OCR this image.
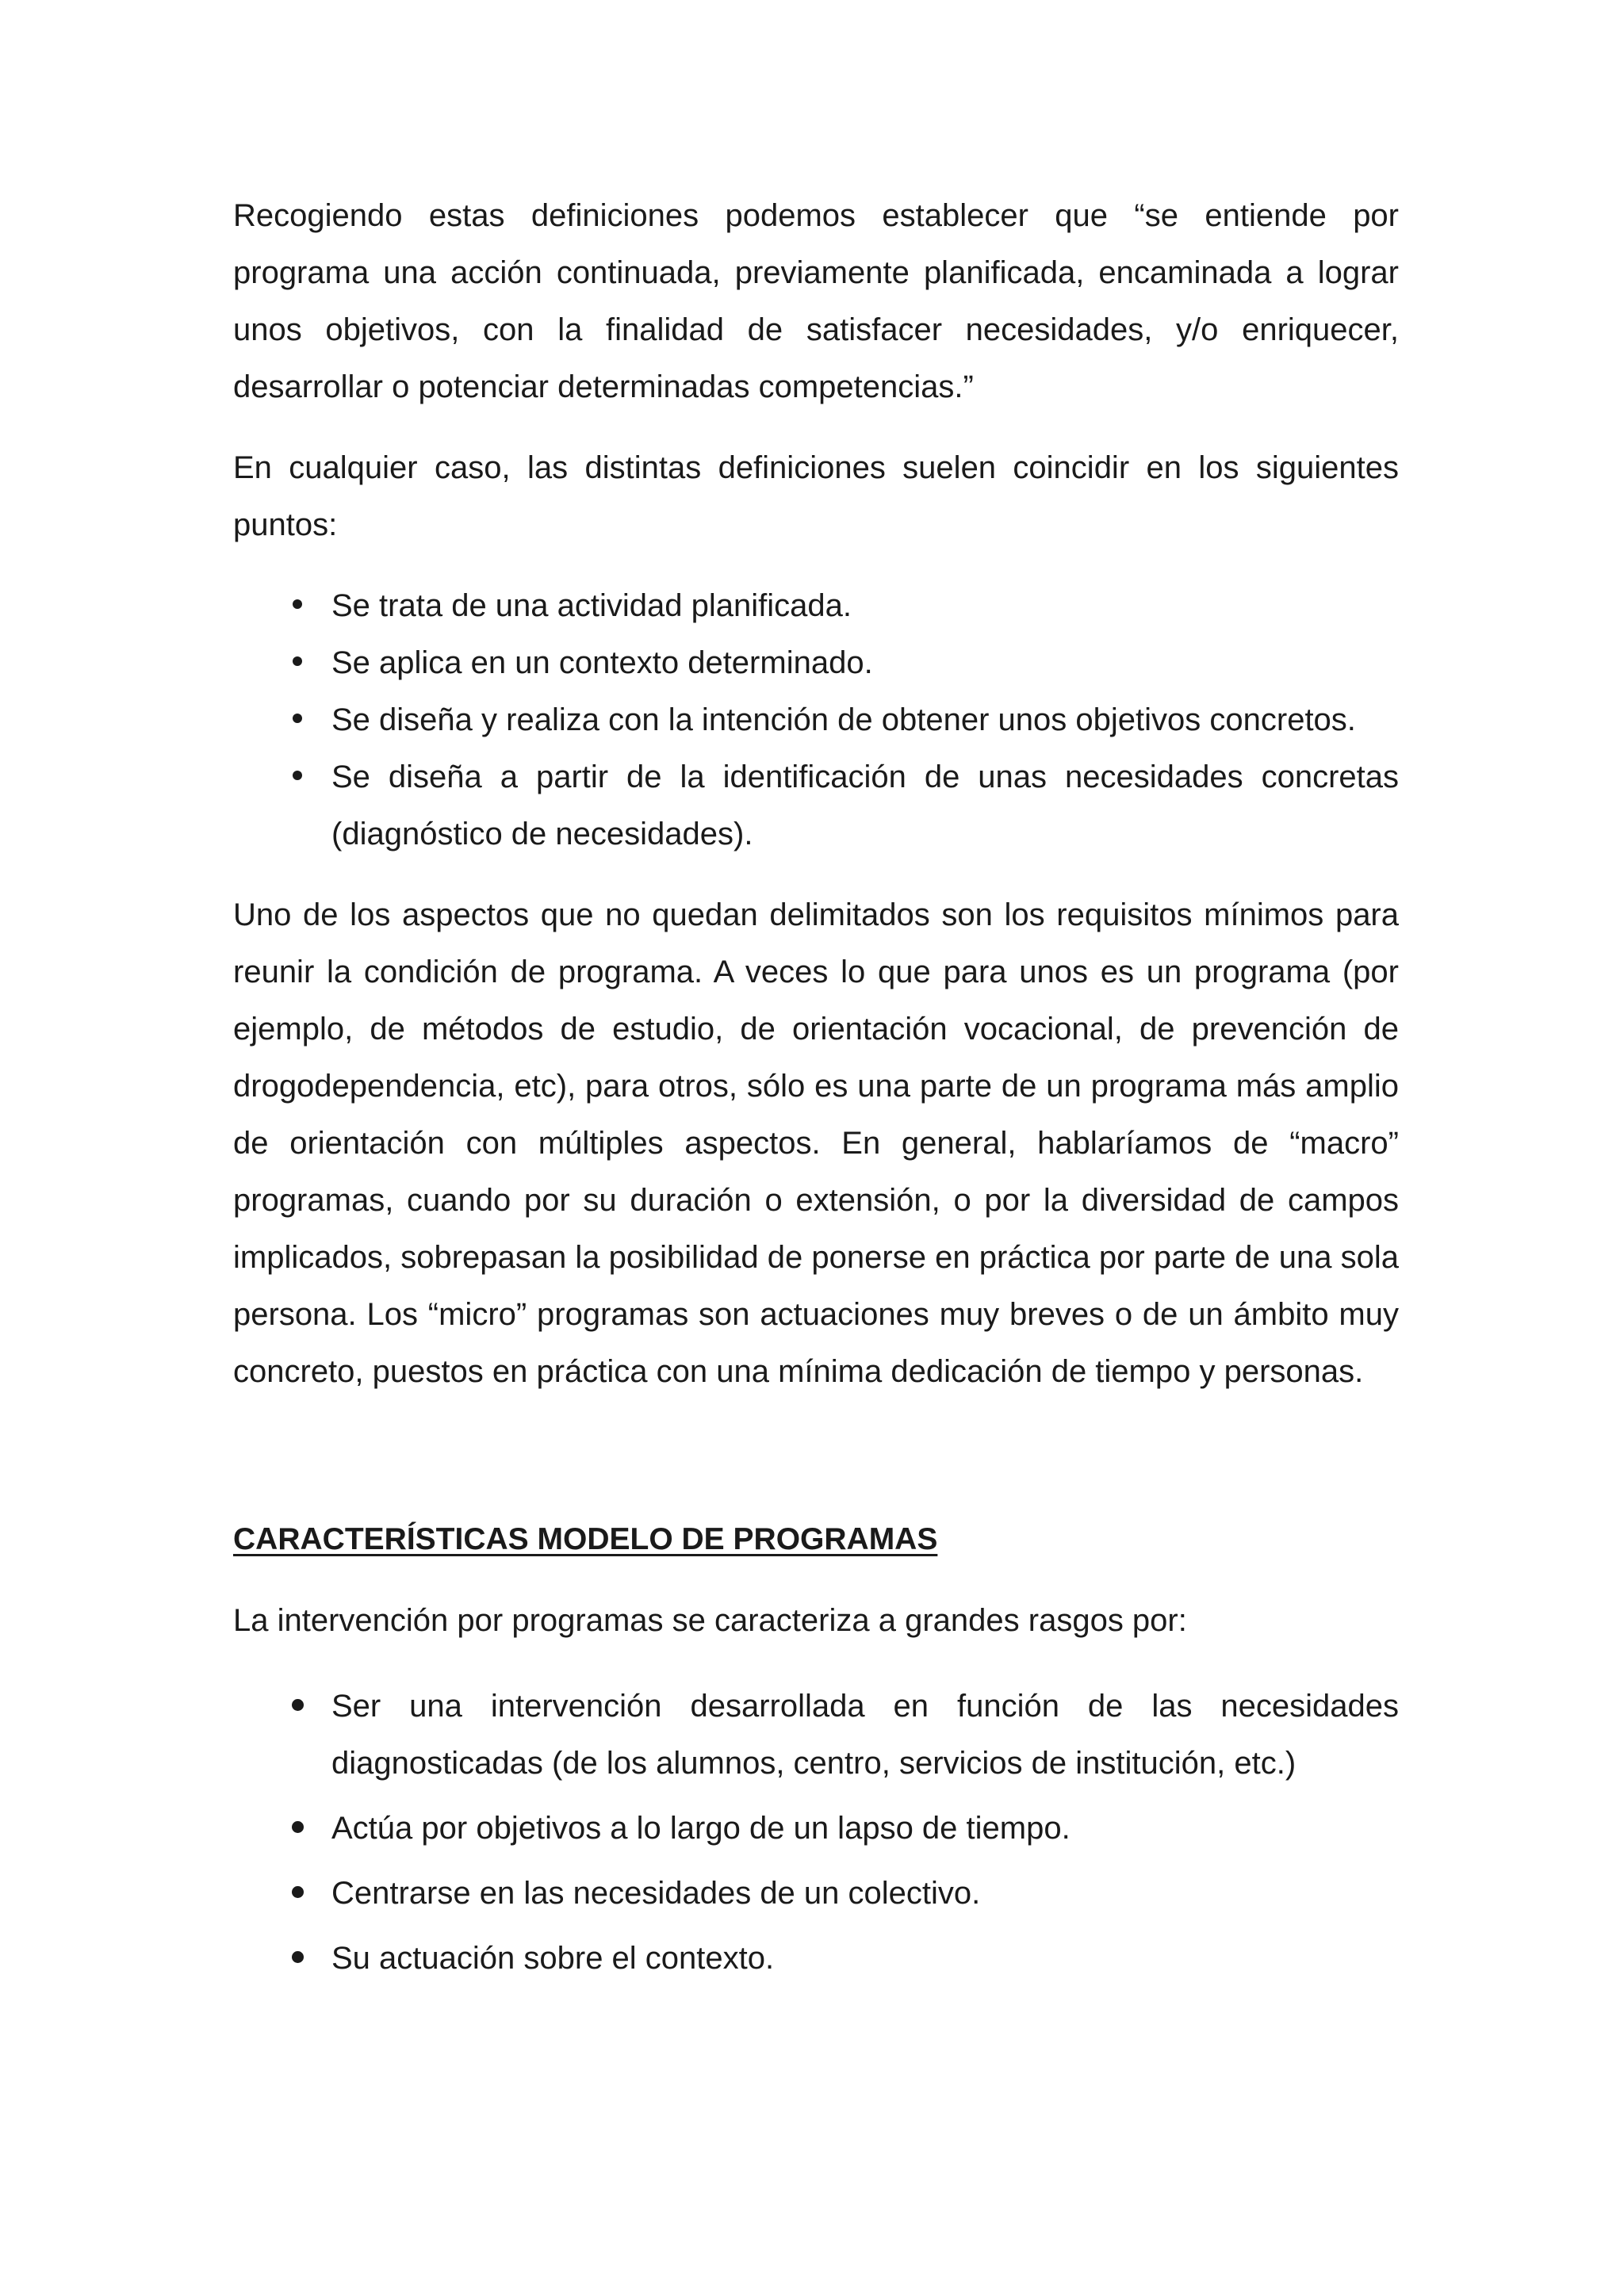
Recogiendo estas definiciones podemos establecer que “se entiende por programa una acción continuada, previamente planificada, encaminada a lograr unos objetivos, con la finalidad de satisfacer necesidades, y/o enriquecer, desarrollar o potenciar determinadas competencias.”

En cualquier caso, las distintas definiciones suelen coincidir en los siguientes puntos:

Se trata de una actividad planificada.
Se aplica en un contexto determinado.
Se diseña y realiza con la intención de obtener unos objetivos concretos.
Se diseña a partir de la identificación de unas necesidades concretas (diagnóstico de necesidades).

Uno de los aspectos que no quedan delimitados son los requisitos mínimos para reunir la condición de programa. A veces lo que para unos es un programa (por ejemplo, de métodos de estudio, de orientación vocacional, de prevención de drogodependencia, etc), para otros, sólo es una parte de un programa más amplio de orientación con múltiples aspectos. En general, hablaríamos de “macro” programas, cuando por su duración o extensión, o por la diversidad de campos implicados, sobrepasan la posibilidad de ponerse en práctica por parte de una sola persona. Los “micro” programas son actuaciones muy breves o de un ámbito muy concreto, puestos en práctica con una mínima dedicación de tiempo y personas.

CARACTERÍSTICAS MODELO DE PROGRAMAS

La intervención por programas se caracteriza a grandes rasgos por:

Ser una intervención desarrollada en función de las necesidades diagnosticadas (de los alumnos, centro, servicios de institución, etc.)
Actúa por objetivos a lo largo de un lapso de tiempo.
Centrarse en las necesidades de un colectivo.
Su actuación sobre el contexto.
